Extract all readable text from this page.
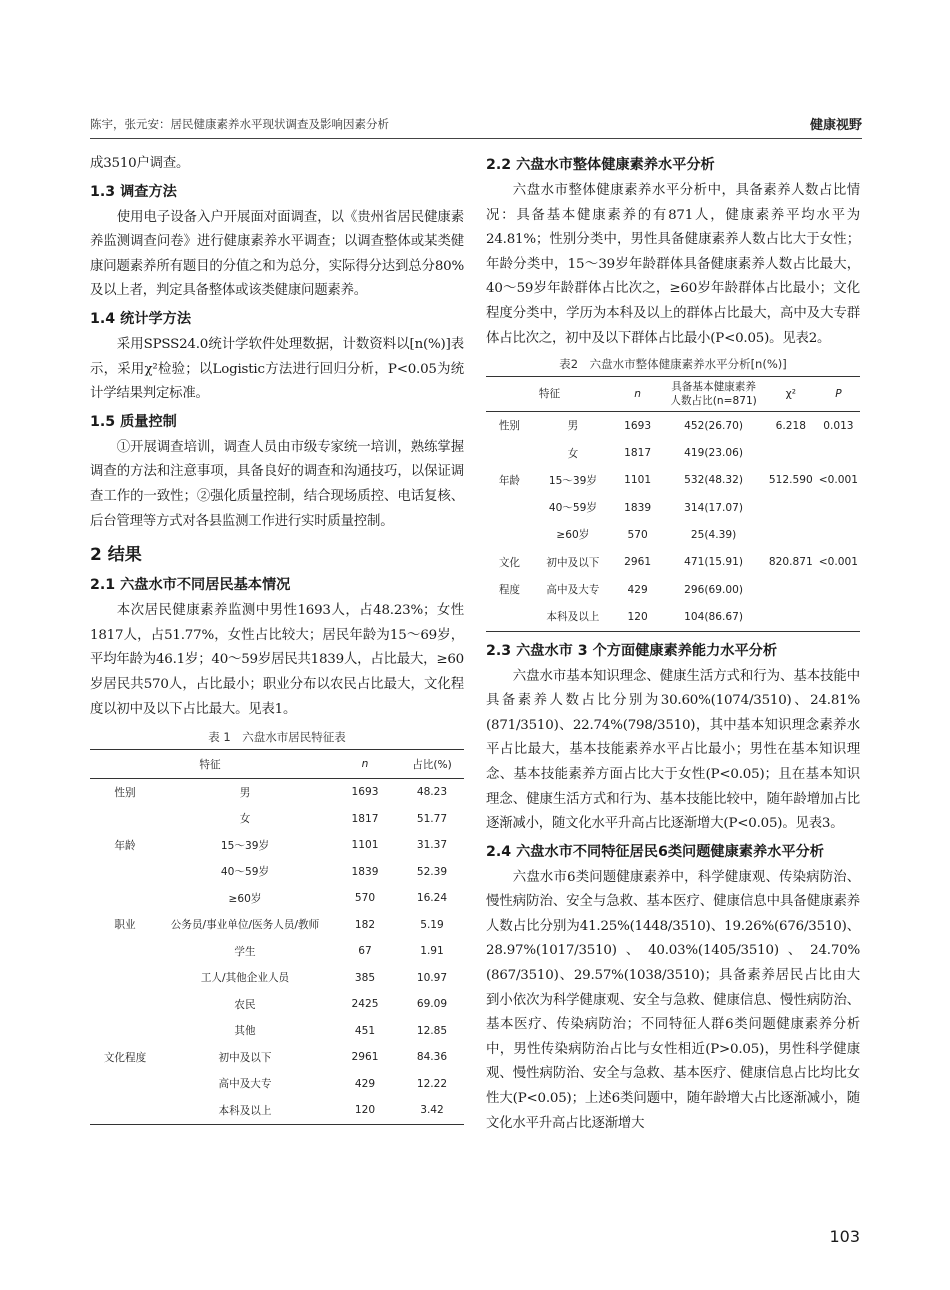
陈宇，张元安：居民健康素养水平现状调查及影响因素分析	健康视野

成3510户调查。

1.3 调查方法

使用电子设备入户开展面对面调查，以《贵州省居民健康素养监测调查问卷》进行健康素养水平调查；以调查整体或某类健康问题素养所有题目的分值之和为总分，实际得分达到总分80%及以上者，判定具备整体或该类健康问题素养。

1.4 统计学方法

采用SPSS24.0统计学软件处理数据，计数资料以[n(%)]表示，采用χ²检验；以Logistic方法进行回归分析，P<0.05为统计学结果判定标准。

1.5 质量控制

①开展调查培训，调查人员由市级专家统一培训，熟练掌握调查的方法和注意事项，具备良好的调查和沟通技巧，以保证调查工作的一致性；②强化质量控制，结合现场质控、电话复核、后台管理等方式对各县监测工作进行实时质量控制。

2 结果
2.1 六盘水市不同居民基本情况

本次居民健康素养监测中男性1693人，占48.23%；女性1817人，占51.77%，女性占比较大；居民年龄为15～69岁，平均年龄为46.1岁；40～59岁居民共1839人，占比最大，≥60岁居民共570人，占比最小；职业分布以农民占比最大，文化程度以初中及以下占比最大。见表1。

表 1　六盘水市居民特征表
特征		n	占比(%)
性别	男	1693	48.23
	女	1817	51.77
年龄	15～39岁	1101	31.37
	40～59岁	1839	52.39
	≥60岁	570	16.24
职业	公务员/事业单位/医务人员/教师	182	5.19
	学生	67	1.91
	工人/其他企业人员	385	10.97
	农民	2425	69.09
	其他	451	12.85
文化程度	初中及以下	2961	84.36
	高中及大专	429	12.22
	本科及以上	120	3.42
2.2 六盘水市整体健康素养水平分析

六盘水市整体健康素养水平分析中，具备素养人数占比情况：具备基本健康素养的有871人，健康素养平均水平为24.81%；性别分类中，男性具备健康素养人数占比大于女性；年龄分类中，15～39岁年龄群体具备健康素养人数占比最大，40～59岁年龄群体占比次之，≥60岁年龄群体占比最小；文化程度分类中，学历为本科及以上的群体占比最大，高中及大专群体占比次之，初中及以下群体占比最小(P<0.05)。见表2。

表2　六盘水市整体健康素养水平分析[n(%)]
特征		n	具备基本健康素养
人数占比(n=871)	χ²	P
性别	男	1693	452(26.70)	6.218	0.013
	女	1817	419(23.06)		
年龄	15～39岁	1101	532(48.32)	512.590	<0.001
	40～59岁	1839	314(17.07)		
	≥60岁	570	25(4.39)		
文化	初中及以下	2961	471(15.91)	820.871	<0.001
程度	高中及大专	429	296(69.00)		
	本科及以上	120	104(86.67)		
2.3 六盘水市 3 个方面健康素养能力水平分析

六盘水市基本知识理念、健康生活方式和行为、基本技能中具备素养人数占比分别为30.60%(1074/3510)、24.81%(871/3510)、22.74%(798/3510)，其中基本知识理念素养水平占比最大，基本技能素养水平占比最小；男性在基本知识理念、基本技能素养方面占比大于女性(P<0.05)；且在基本知识理念、健康生活方式和行为、基本技能比较中，随年龄增加占比逐渐减小，随文化水平升高占比逐渐增大(P<0.05)。见表3。

2.4 六盘水市不同特征居民6类问题健康素养水平分析

六盘水市6类问题健康素养中，科学健康观、传染病防治、慢性病防治、安全与急救、基本医疗、健康信息中具备健康素养人数占比分别为41.25%(1448/3510)、19.26%(676/3510)、28.97%(1017/3510)、40.03%(1405/3510)、24.70%(867/3510)、29.57%(1038/3510)；具备素养居民占比由大到小依次为科学健康观、安全与急救、健康信息、慢性病防治、基本医疗、传染病防治；不同特征人群6类问题健康素养分析中，男性传染病防治占比与女性相近(P>0.05)，男性科学健康观、慢性病防治、安全与急救、基本医疗、健康信息占比均比女性大(P<0.05)；上述6类问题中，随年龄增大占比逐渐减小，随文化水平升高占比逐渐增大

103
